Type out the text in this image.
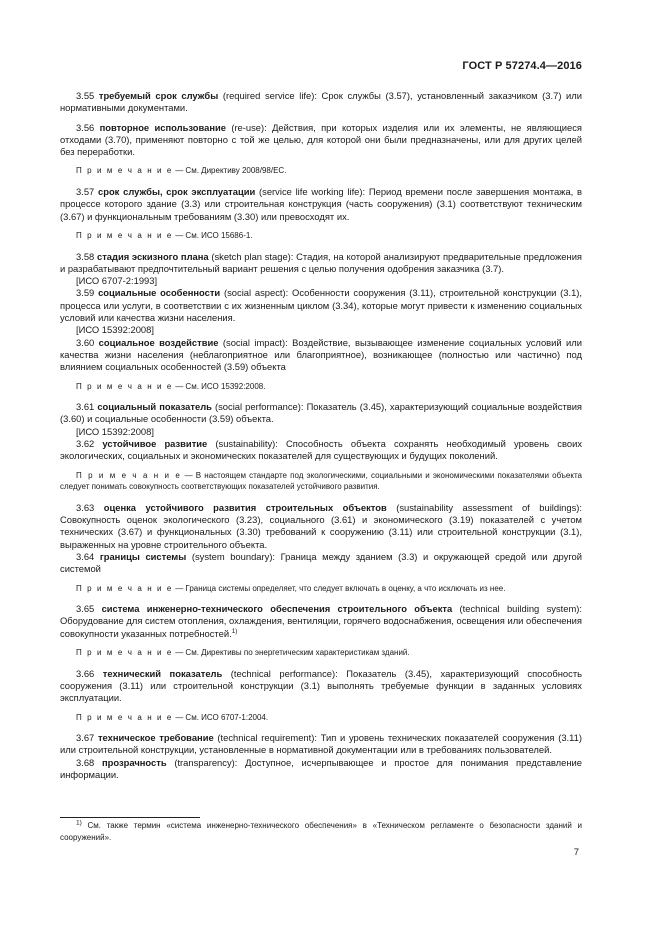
ГОСТ Р 57274.4—2016

3.55 требуемый срок службы (required service life): Срок службы (3.57), установленный заказчиком (3.7) или нормативными документами.

3.56 повторное использование (re-use): Действия, при которых изделия или их элементы, не являющиеся отходами (3.70), применяют повторно с той же целью, для которой они были предназначены, или для других целей без переработки.

П р и м е ч а н и е — См. Директиву 2008/98/ЕС.

3.57 срок службы, срок эксплуатации (service life working life): Период времени после завершения монтажа, в процессе которого здание (3.3) или строительная конструкция (часть сооружения) (3.1) соответствуют техническим (3.67) и функциональным требованиям (3.30) или превосходят их.

П р и м е ч а н и е — См. ИСО 15686-1.

3.58 стадия эскизного плана (sketch plan stage): Стадия, на которой анализируют предварительные предложения и разрабатывают предпочтительный вариант решения с целью получения одобрения заказчика (3.7).

[ИСО 6707-2:1993]

3.59 социальные особенности (social aspect): Особенности сооружения (3.11), строительной конструкции (3.1), процесса или услуги, в соответствии с их жизненным циклом (3.34), которые могут привести к изменению социальных условий или качества жизни населения.

[ИСО 15392:2008]

3.60 социальное воздействие (social impact): Воздействие, вызывающее изменение социальных условий или качества жизни населения (неблагоприятное или благоприятное), возникающее (полностью или частично) под влиянием социальных особенностей (3.59) объекта

П р и м е ч а н и е — См. ИСО 15392:2008.

3.61 социальный показатель (social performance): Показатель (3.45), характеризующий социальные воздействия (3.60) и социальные особенности (3.59) объекта.

[ИСО 15392:2008]

3.62 устойчивое развитие (sustainability): Способность объекта сохранять необходимый уровень своих экологических, социальных и экономических показателей для существующих и будущих поколений.

П р и м е ч а н и е — В настоящем стандарте под экологическими, социальными и экономическими показателями объекта следует понимать совокупность соответствующих показателей устойчивого развития.

3.63 оценка устойчивого развития строительных объектов (sustainability assessment of buildings): Совокупность оценок экологического (3.23), социального (3.61) и экономического (3.19) показателей с учетом технических (3.67) и функциональных (3.30) требований к сооружению (3.11) или строительной конструкции (3.1), выраженных на уровне строительного объекта.

3.64 границы системы (system boundary): Граница между зданием (3.3) и окружающей средой или другой системой

П р и м е ч а н и е — Граница системы определяет, что следует включать в оценку, а что исключать из нее.

3.65 система инженерно-технического обеспечения строительного объекта (technical building system): Оборудование для систем отопления, охлаждения, вентиляции, горячего водоснабжения, освещения или обеспечения совокупности указанных потребностей.$^{1)}$

П р и м е ч а н и е — См. Директивы по энергетическим характеристикам зданий.

3.66 технический показатель (technical performance): Показатель (3.45), характеризующий способность сооружения (3.11) или строительной конструкции (3.1) выполнять требуемые функции в заданных условиях эксплуатации.

П р и м е ч а н и е — См. ИСО 6707-1:2004.

3.67 техническое требование (technical requirement): Тип и уровень технических показателей сооружения (3.11) или строительной конструкции, установленные в нормативной документации или в требованиях пользователей.

3.68 прозрачность (transparency): Доступное, исчерпывающее и простое для понимания представление информации.

$^{1)}$ См. также термин «система инженерно-технического обеспечения» в «Техническом регламенте о безопасности зданий и сооружений».
7
